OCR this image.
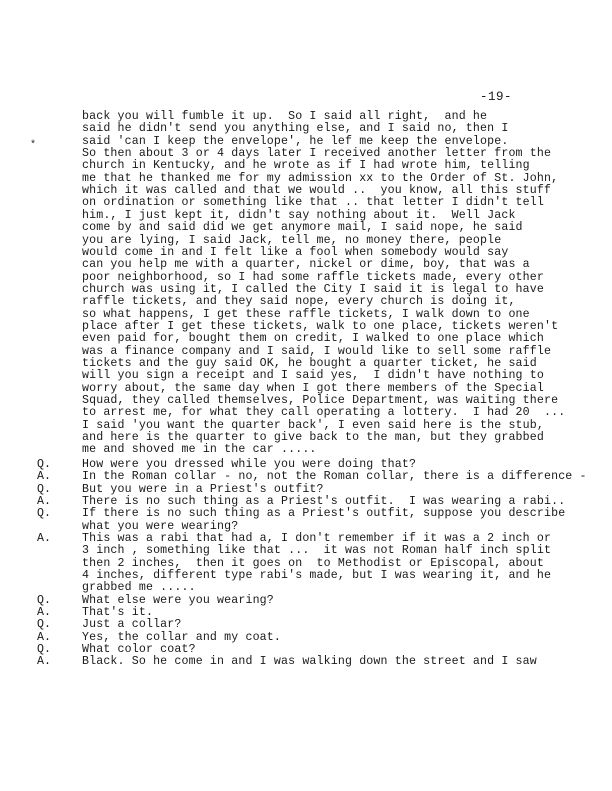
-19-
*
back you will fumble it up.  So I said all right,  and he
said he didn't send you anything else, and I said no, then I
said 'can I keep the envelope', he lef me keep the envelope.
So then about 3 or 4 days later I received another letter from the
church in Kentucky, and he wrote as if I had wrote him, telling
me that he thanked me for my admission xx to the Order of St. John,
which it was called and that we would ..  you know, all this stuff
on ordination or something like that .. that letter I didn't tell
him., I just kept it, didn't say nothing about it.  Well Jack
come by and said did we get anymore mail, I said nope, he said
you are lying, I said Jack, tell me, no money there, people
would come in and I felt like a fool when somebody would say
can you help me with a quarter, nickel or dime, boy, that was a
poor neighborhood, so I had some raffle tickets made, every other
church was using it, I called the City I said it is legal to have
raffle tickets, and they said nope, every church is doing it,
so what happens, I get these raffle tickets, I walk down to one
place after I get these tickets, walk to one place, tickets weren't
even paid for, bought them on credit, I walked to one place which
was a finance company and I said, I would like to sell some raffle
tickets and the guy said OK, he bought a quarter ticket, he said
will you sign a receipt and I said yes,  I didn't have nothing to
worry about, the same day when I got there members of the Special
Squad, they called themselves, Police Department, was waiting there
to arrest me, for what they call operating a lottery.  I had 20  ...
I said 'you want the quarter back', I even said here is the stub,
and here is the quarter to give back to the man, but they grabbed
me and shoved me in the car .....
Q.	How were you dressed while you were doing that?
A.	In the Roman collar - no, not the Roman collar, there is a difference -
Q.	But you were in a Priest's outfit?
A.	There is no such thing as a Priest's outfit.  I was wearing a rabi..
Q.	If there is no such thing as a Priest's outfit, suppose you describe
what you were wearing?
A.	This was a rabi that had a, I don't remember if it was a 2 inch or
3 inch , something like that ...  it was not Roman half inch split
then 2 inches,  then it goes on  to Methodist or Episcopal, about
4 inches, different type rabi's made, but I was wearing it, and he
grabbed me .....
Q.	What else were you wearing?
A.	That's it.
Q.	Just a collar?
A.	Yes, the collar and my coat.
Q.	What color coat?
A.	Black. So he come in and I was walking down the street and I saw
